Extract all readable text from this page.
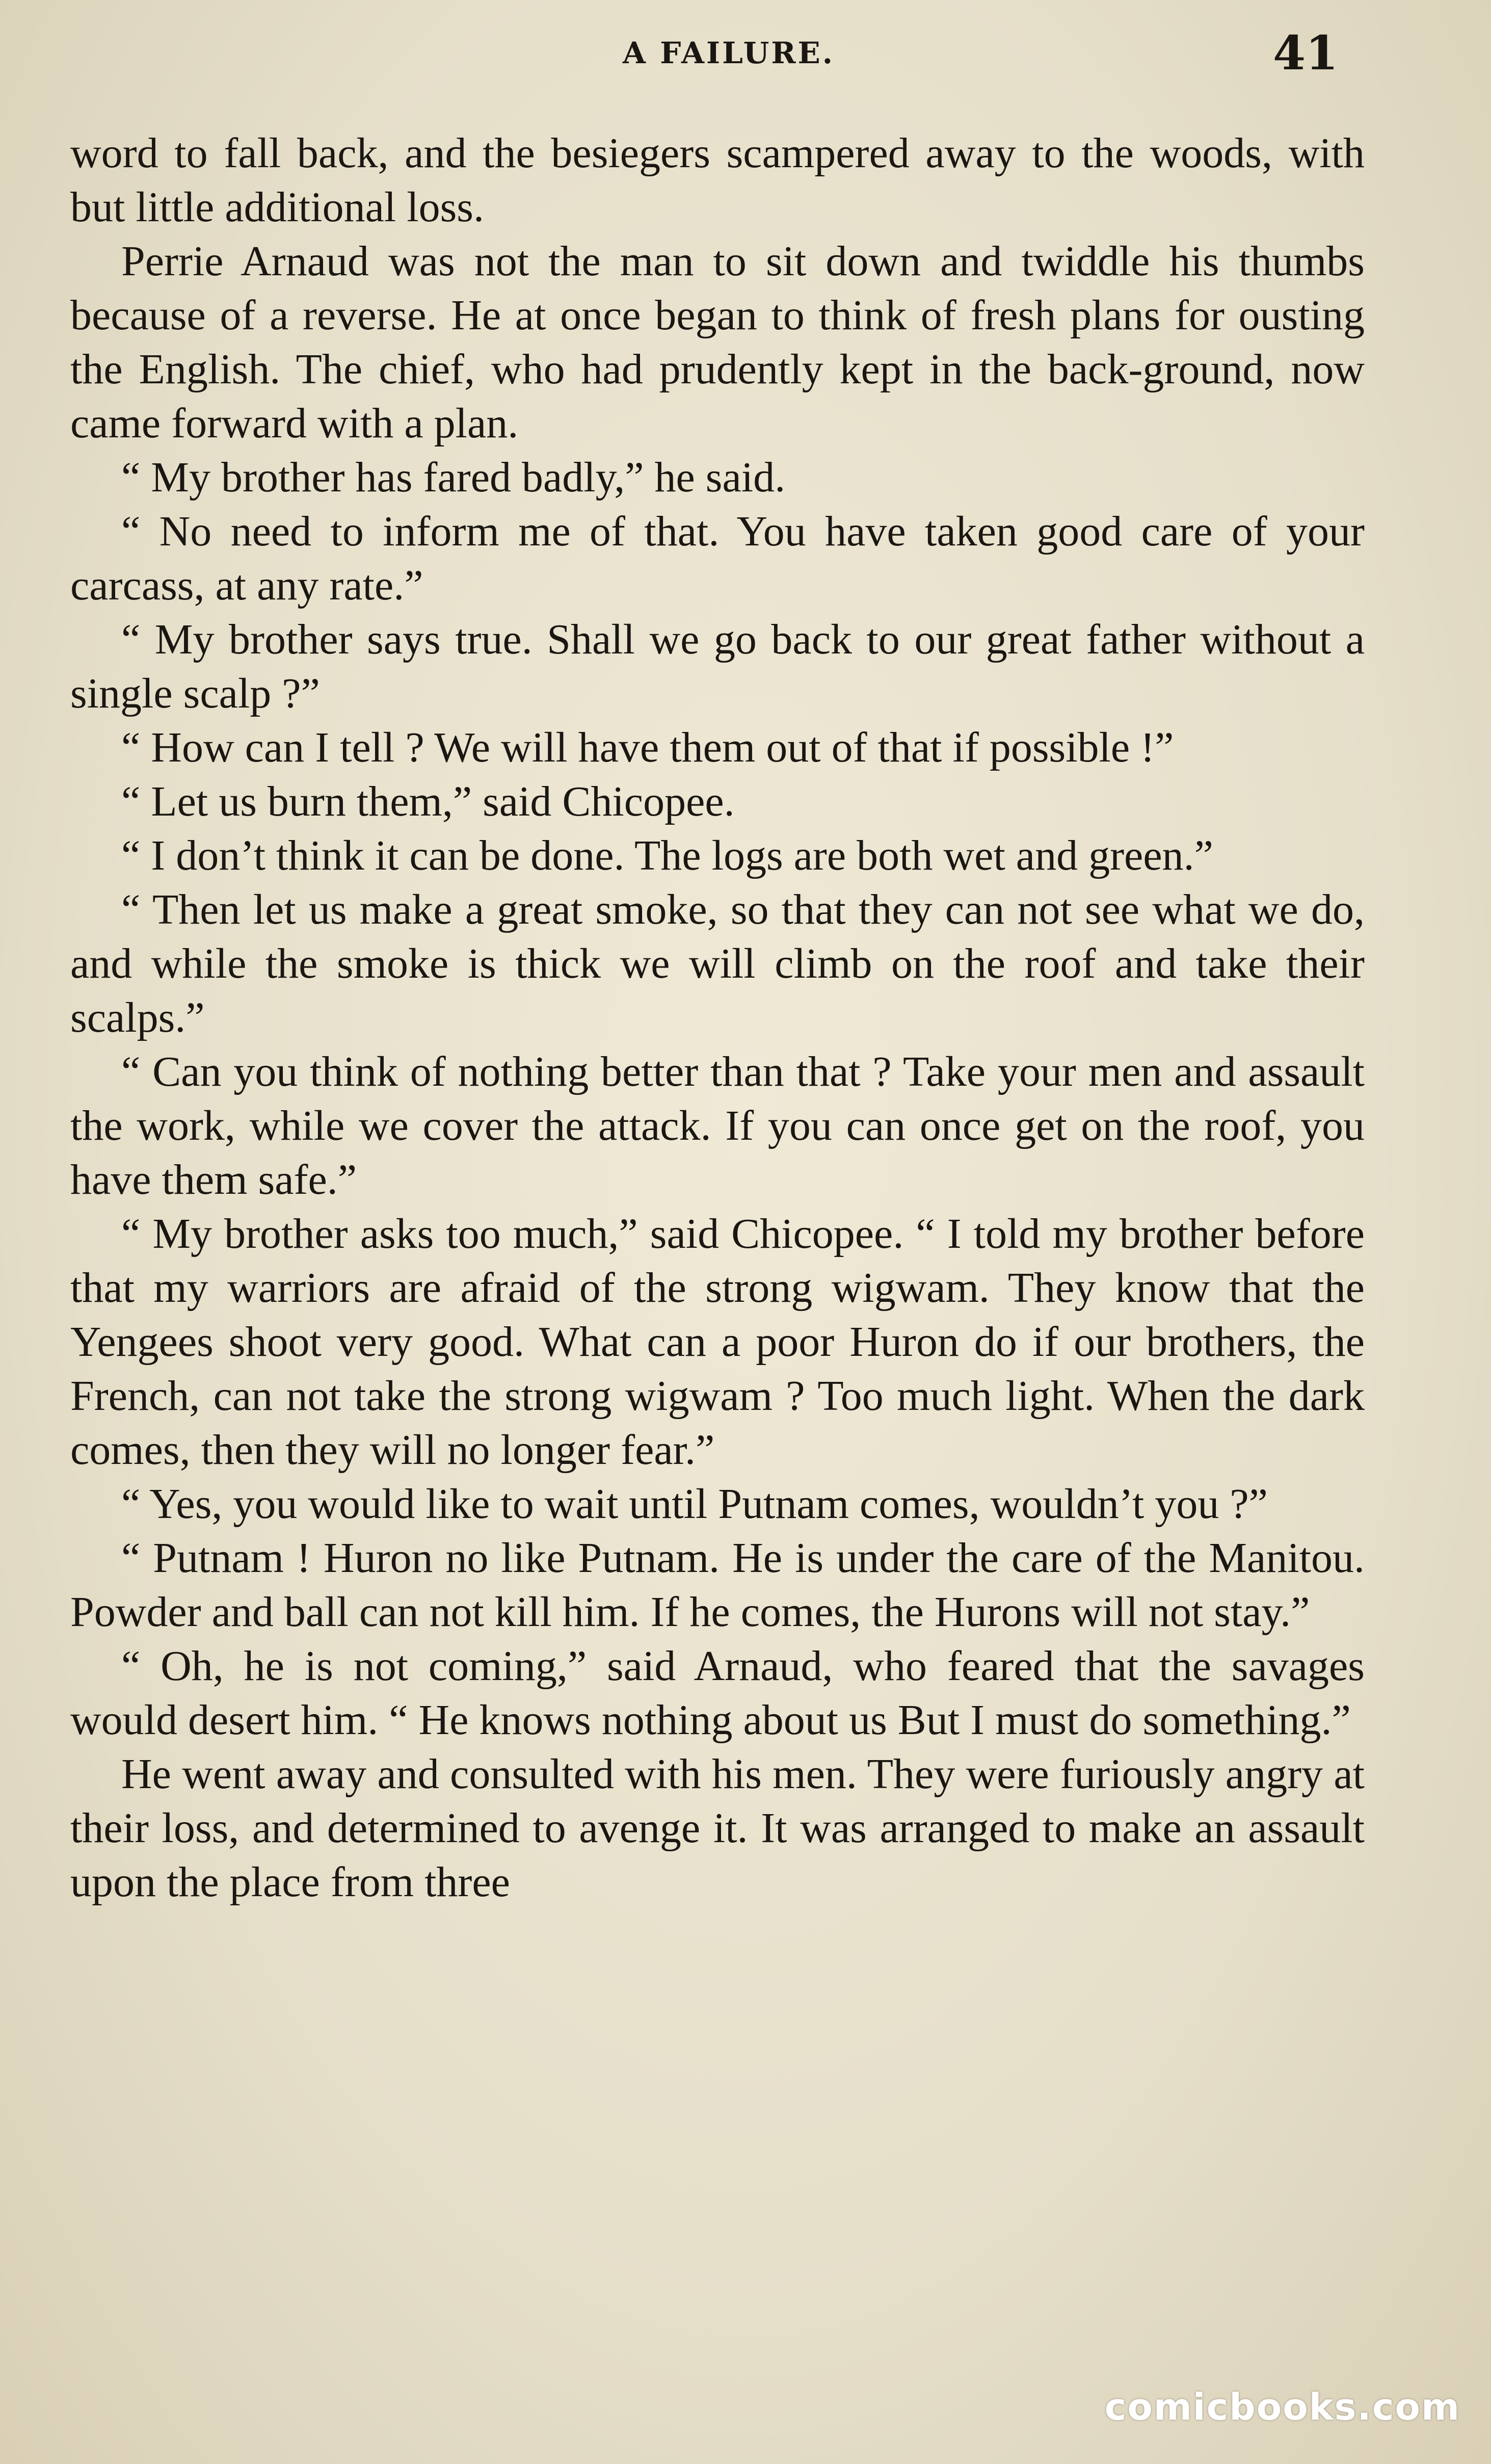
A FAILURE.	41

word to fall back, and the besiegers scampered away to the woods, with but little additional loss.

Perrie Arnaud was not the man to sit down and twiddle his thumbs because of a reverse. He at once began to think of fresh plans for ousting the English. The chief, who had prudently kept in the back-ground, now came forward with a plan.

“ My brother has fared badly,” he said.

“ No need to inform me of that. You have taken good care of your carcass, at any rate.”

“ My brother says true. Shall we go back to our great father without a single scalp ?”

“ How can I tell ? We will have them out of that if possible !”

“ Let us burn them,” said Chicopee.

“ I don’t think it can be done. The logs are both wet and green.”

“ Then let us make a great smoke, so that they can not see what we do, and while the smoke is thick we will climb on the roof and take their scalps.”

“ Can you think of nothing better than that ? Take your men and assault the work, while we cover the attack. If you can once get on the roof, you have them safe.”

“ My brother asks too much,” said Chicopee. “ I told my brother before that my warriors are afraid of the strong wigwam. They know that the Yengees shoot very good. What can a poor Huron do if our brothers, the French, can not take the strong wigwam ? Too much light. When the dark comes, then they will no longer fear.”

“ Yes, you would like to wait until Putnam comes, wouldn’t you ?”

“ Putnam ! Huron no like Putnam. He is under the care of the Manitou. Powder and ball can not kill him. If he comes, the Hurons will not stay.”

“ Oh, he is not coming,” said Arnaud, who feared that the savages would desert him. “ He knows nothing about us But I must do something.”

He went away and consulted with his men. They were furiously angry at their loss, and determined to avenge it. It was arranged to make an assault upon the place from three

comicbooks.com
